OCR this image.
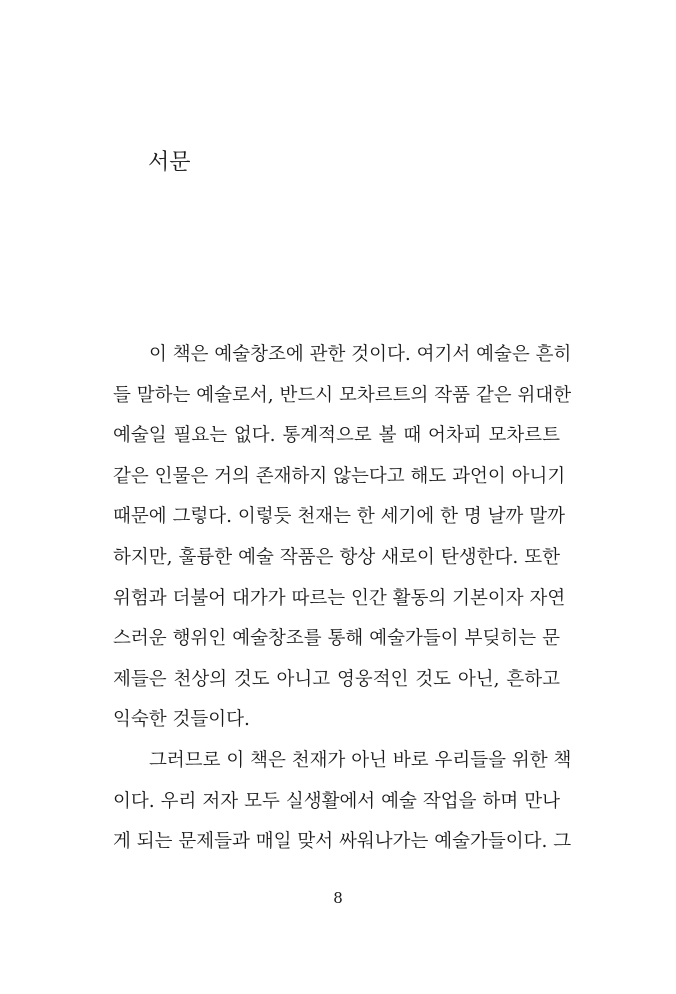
서문
이 책은 예술창조에 관한 것이다. 여기서 예술은 흔히
들 말하는 예술로서, 반드시 모차르트의 작품 같은 위대한
예술일 필요는 없다. 통계적으로 볼 때 어차피 모차르트
같은 인물은 거의 존재하지 않는다고 해도 과언이 아니기
때문에 그렇다. 이렇듯 천재는 한 세기에 한 명 날까 말까
하지만, 훌륭한 예술 작품은 항상 새로이 탄생한다. 또한
위험과 더불어 대가가 따르는 인간 활동의 기본이자 자연
스러운 행위인 예술창조를 통해 예술가들이 부딪히는 문
제들은 천상의 것도 아니고 영웅적인 것도 아닌, 흔하고
익숙한 것들이다.
그러므로 이 책은 천재가 아닌 바로 우리들을 위한 책
이다. 우리 저자 모두 실생활에서 예술 작업을 하며 만나
게 되는 문제들과 매일 맞서 싸워나가는 예술가들이다. 그
8
